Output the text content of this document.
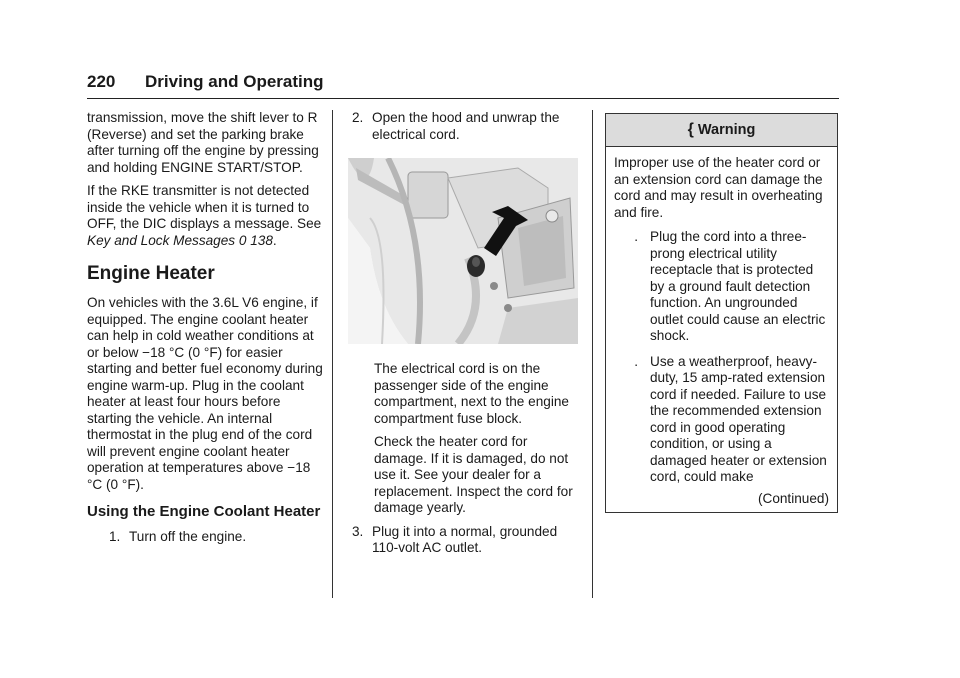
220 Driving and Operating

transmission, move the shift lever to R (Reverse) and set the parking brake after turning off the engine by pressing and holding ENGINE START/STOP.

If the RKE transmitter is not detected inside the vehicle when it is turned to OFF, the DIC displays a message. See Key and Lock Messages 0 138.

Engine Heater

On vehicles with the 3.6L V6 engine, if equipped. The engine coolant heater can help in cold weather conditions at or below −18 °C (0 °F) for easier starting and better fuel economy during engine warm-up. Plug in the coolant heater at least four hours before starting the vehicle. An internal thermostat in the plug end of the cord will prevent engine coolant heater operation at temperatures above −18 °C (0 °F).

Using the Engine Coolant Heater
1. Turn off the engine.
2. Open the hood and unwrap the electrical cord.

The electrical cord is on the passenger side of the engine compartment, next to the engine compartment fuse block.

Check the heater cord for damage. If it is damaged, do not use it. See your dealer for a replacement. Inspect the cord for damage yearly.

3. Plug it into a normal, grounded 110-volt AC outlet.
{ Warning

Improper use of the heater cord or an extension cord can damage the cord and may result in overheating and fire.

. Plug the cord into a three-prong electrical utility receptacle that is protected by a ground fault detection function. An ungrounded outlet could cause an electric shock.
. Use a weatherproof, heavy-duty, 15 amp-rated extension cord if needed. Failure to use the recommended extension cord in good operating condition, or using a damaged heater or extension cord, could make
(Continued)
